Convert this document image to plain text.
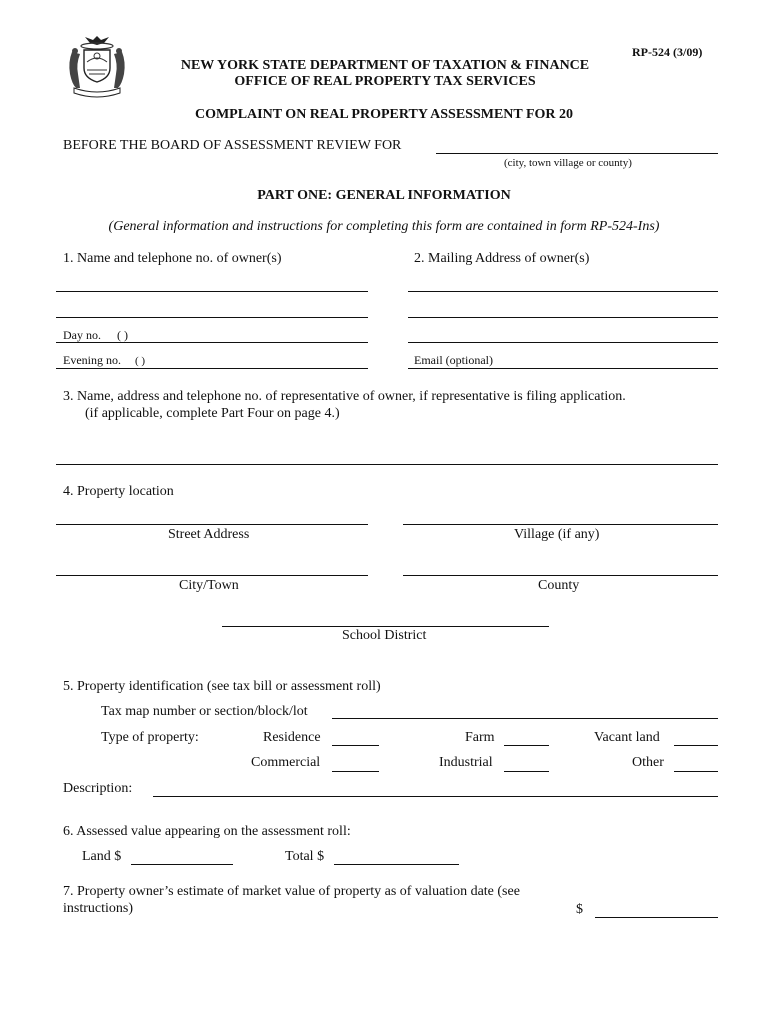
RP-524 (3/09)
NEW YORK STATE DEPARTMENT OF TAXATION & FINANCE
OFFICE OF REAL PROPERTY TAX SERVICES
COMPLAINT ON REAL PROPERTY ASSESSMENT FOR 20
BEFORE THE BOARD OF ASSESSMENT REVIEW FOR
(city, town village or county)
PART ONE: GENERAL INFORMATION
(General information and instructions for completing this form are contained in form RP-524-Ins)
1. Name and telephone no. of owner(s)	2. Mailing Address of owner(s)
Day no. ( )
Evening no. ( )	Email (optional)
3. Name, address and telephone no. of representative of owner, if representative is filing application.
(if applicable, complete Part Four on page 4.)
4. Property location
Street Address	Village (if any)
City/Town	County
School District
5. Property identification (see tax bill or assessment roll)
Tax map number or section/block/lot
Type of property:	Residence	Farm	Vacant land
Commercial	Industrial	Other
Description:
6. Assessed value appearing on the assessment roll:
Land $	Total $
7. Property owner’s estimate of market value of property as of valuation date (see
instructions)	$
